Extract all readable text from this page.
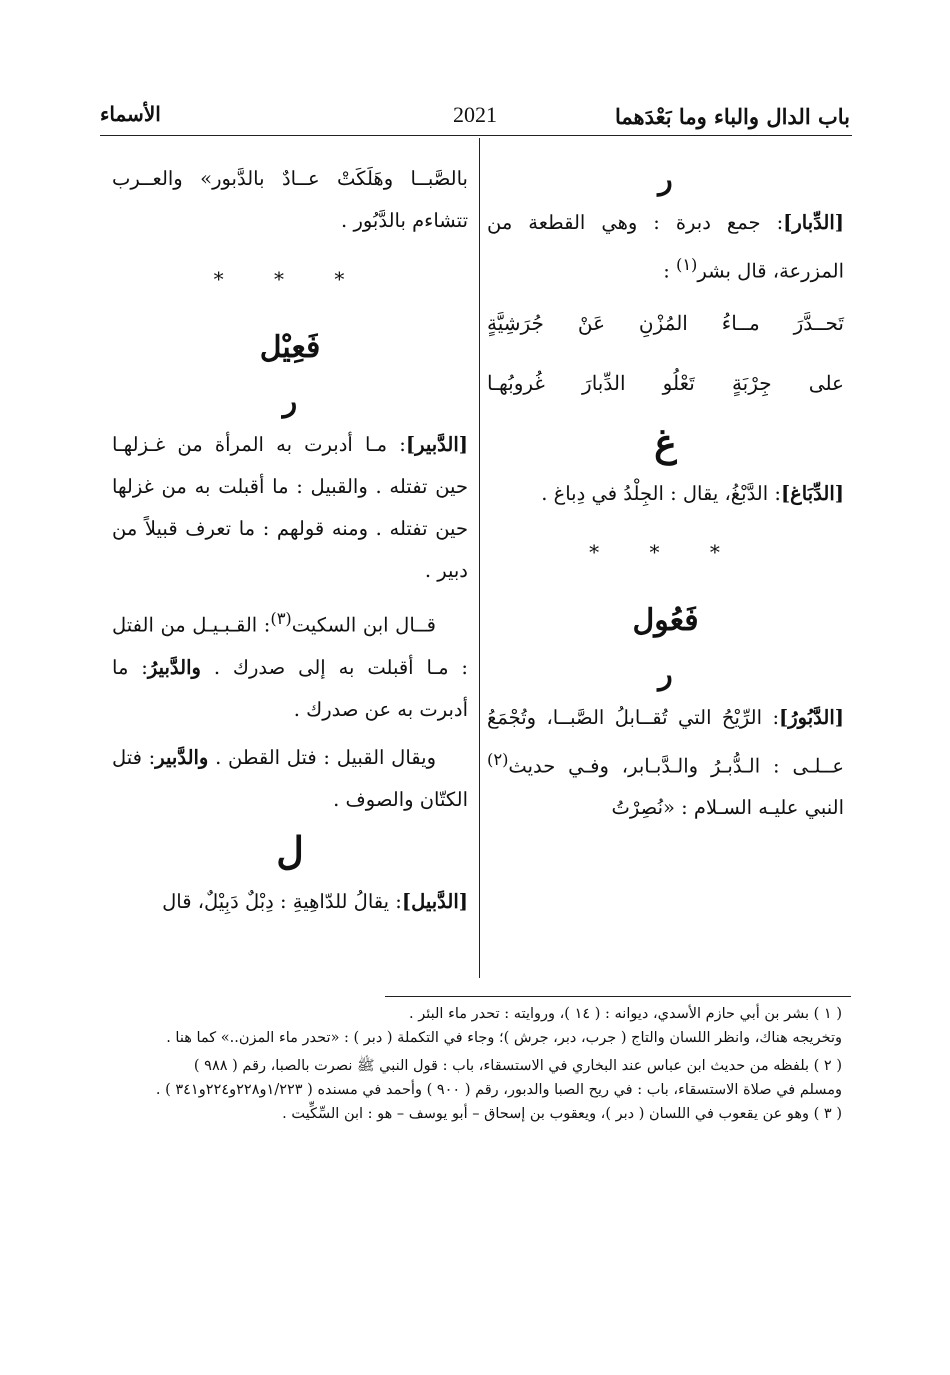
باب الدال والباء وما بَعْدَهما
2021
الأسماء

ر

[الدِّبار]: جمع دبرة : وهي القطعة من المزرعة، قال بشر$^{(١)}$ :

تَحــدَّرَ مــاءُ المُزْنِ عَنْ جُرَشِيَّةٍ

على جِرْبَةٍ تَعْلُو الدِّبارَ غُروبُهـا

غ

[الدِّبَاغ]: الدَّبْغُ، يقال : الجِلْدُ في دِباغ .

* * *

فَعُول

ر

[الدَّبُورُ]: الرِّيْحُ التي تُقــابلُ الصَّبــا، وتُجْمَعُ عــلـى : الـدُّبـرُ والـدَّبـابر، وفـي حديث$^{(٢)}$ النبي عليـه السـلام : «نُصِرْتُ

بالصَّبــا وهَلَكَتْ عــادٌ بالدَّبور» والعــرب تتشاءم بالدَّبُور .

* * *

فَعِيْل

ر

[الدَّبير]: مـا أدبرت به المرأة من غـزلهـا حين تفتله . والقبيل : ما أقبلت به من غزلها حين تفتله . ومنه قولهم : ما تعرف قبيلاً من دبير .

قــال ابن السكيت$^{(٣)}$: القـبـيـل من الفتل : مـا أقبلت به إلى صدرك . والدَّبيرُ: ما أدبرت به عن صدرك .

ويقال القبيل : فتل القطن . والدَّبير: فتل الكتّان والصوف .

ل

[الدَّبيل]: يقالُ للدّاهِيةِ : دِبْلٌ دَبِيْلٌ، قال

( ١ ) بشر بن أبي حازم الأسدي، ديوانه : ( ١٤ )، وروايته : تحدر ماء البئر .

وتخريجه هناك، وانظر اللسان والتاج ( جرب، دبر، جرش )؛ وجاء في التكملة ( دبر ) : «تحدر ماء المزن..» كما هنا .

( ٢ ) بلفظه من حديث ابن عباس عند البخاري في الاستسقاء، باب : قول النبي ﷺ نصرت بالصبا، رقم ( ٩٨٨ )

ومسلم في صلاة الاستسقاء، باب : في ريح الصبا والدبور، رقم ( ٩٠٠ ) وأحمد في مسنده ( ١/٢٢٣و٢٢٨و٢٢٤و٣٤١ ) .

( ٣ ) وهو عن يقعوب في اللسان ( دبر )، ويعقوب بن إسحاق – أبو يوسف – هو : ابن السِّكِّيت .
